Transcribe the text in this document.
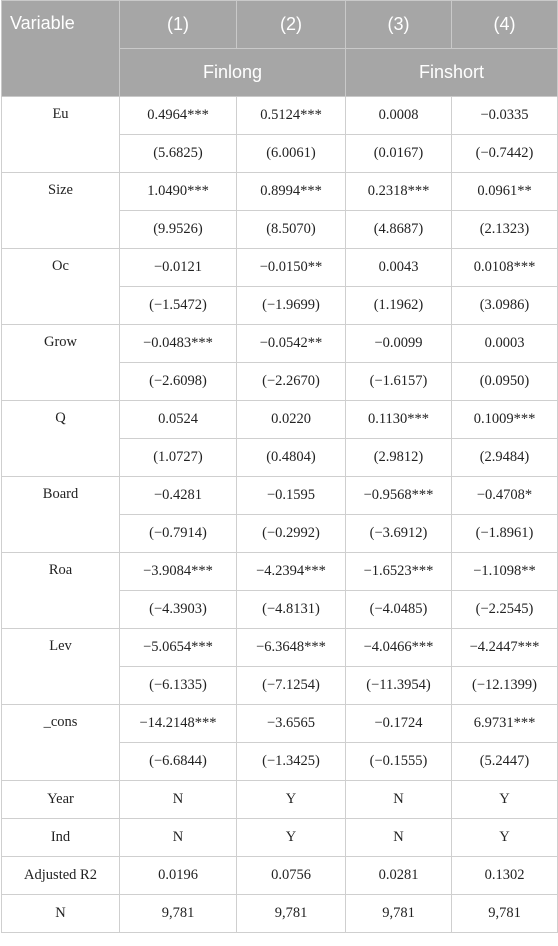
Variable	(1)	(2)	(3)	(4)
	Finlong		Finshort	
Eu	0.4964***	0.5124***	0.0008	−0.0335
	(5.6825)	(6.0061)	(0.0167)	(−0.7442)
Size	1.0490***	0.8994***	0.2318***	0.0961**
	(9.9526)	(8.5070)	(4.8687)	(2.1323)
Oc	−0.0121	−0.0150**	0.0043	0.0108***
	(−1.5472)	(−1.9699)	(1.1962)	(3.0986)
Grow	−0.0483***	−0.0542**	−0.0099	0.0003
	(−2.6098)	(−2.2670)	(−1.6157)	(0.0950)
Q	0.0524	0.0220	0.1130***	0.1009***
	(1.0727)	(0.4804)	(2.9812)	(2.9484)
Board	−0.4281	−0.1595	−0.9568***	−0.4708*
	(−0.7914)	(−0.2992)	(−3.6912)	(−1.8961)
Roa	−3.9084***	−4.2394***	−1.6523***	−1.1098**
	(−4.3903)	(−4.8131)	(−4.0485)	(−2.2545)
Lev	−5.0654***	−6.3648***	−4.0466***	−4.2447***
	(−6.1335)	(−7.1254)	(−11.3954)	(−12.1399)
_cons	−14.2148***	−3.6565	−0.1724	6.9731***
	(−6.6844)	(−1.3425)	(−0.1555)	(5.2447)
Year	N	Y	N	Y
Ind	N	Y	N	Y
Adjusted R2	0.0196	0.0756	0.0281	0.1302
N	9,781	9,781	9,781	9,781
